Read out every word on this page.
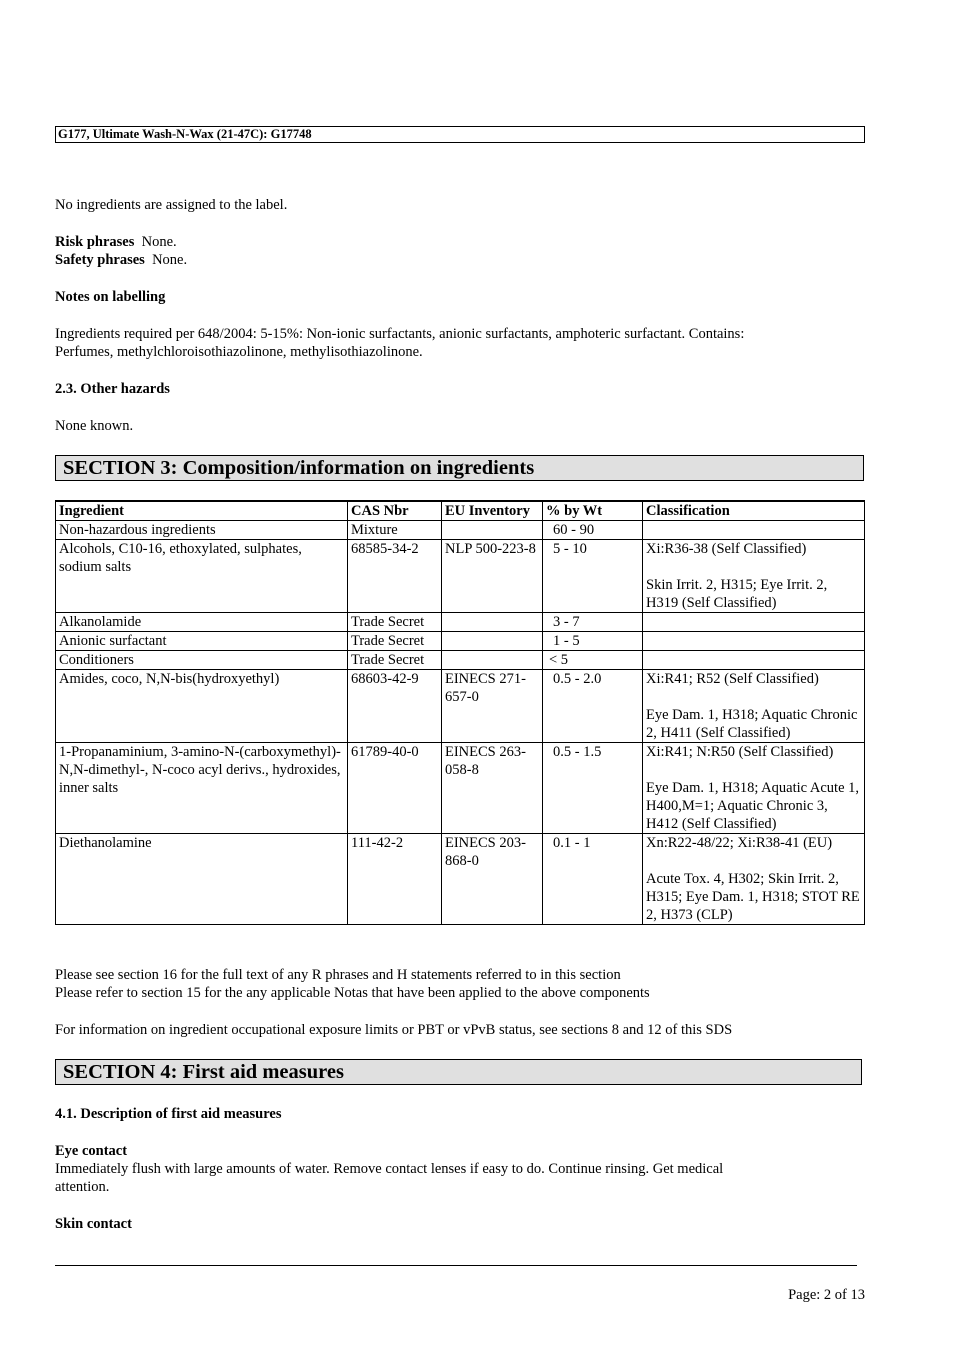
G177, Ultimate Wash-N-Wax (21-47C): G17748
No ingredients are assigned to the label.
Risk phrases None.
Safety phrases None.
Notes on labelling
Ingredients required per 648/2004: 5-15%: Non-ionic surfactants, anionic surfactants, amphoteric surfactant. Contains:
Perfumes, methylchloroisothiazolinone, methylisothiazolinone.
2.3. Other hazards
None known.
SECTION 3: Composition/information on ingredients
Ingredient	CAS Nbr	EU Inventory	% by Wt	Classification
Non-hazardous ingredients	Mixture		60 - 90	
Alcohols, C10-16, ethoxylated, sulphates, sodium salts	68585-34-2	NLP 500-223-8	5 - 10	Xi:R36-38 (Self Classified)
Skin Irrit. 2, H315; Eye Irrit. 2, H319 (Self Classified)

Alkanolamide	Trade Secret		3 - 7	
Anionic surfactant	Trade Secret		1 - 5	
Conditioners	Trade Secret		< 5	
Amides, coco, N,N-bis(hydroxyethyl)	68603-42-9	EINECS 271-657-0	0.5 - 2.0	Xi:R41; R52 (Self Classified)
Eye Dam. 1, H318; Aquatic Chronic 2, H411 (Self Classified)

1-Propanaminium, 3-amino-N-(carboxymethyl)-N,N-dimethyl-, N-coco acyl derivs., hydroxides, inner salts	61789-40-0	EINECS 263-058-8	0.5 - 1.5	Xi:R41; N:R50 (Self Classified)
Eye Dam. 1, H318; Aquatic Acute 1, H400,M=1; Aquatic Chronic 3, H412 (Self Classified)

Diethanolamine	111-42-2	EINECS 203-868-0	0.1 - 1	Xn:R22-48/22; Xi:R38-41 (EU)
Acute Tox. 4, H302; Skin Irrit. 2, H315; Eye Dam. 1, H318; STOT RE 2, H373 (CLP)
Please see section 16 for the full text of any R phrases and H statements referred to in this section
Please refer to section 15 for the any applicable Notas that have been applied to the above components
For information on ingredient occupational exposure limits or PBT or vPvB status, see sections 8 and 12 of this SDS
SECTION 4: First aid measures
4.1. Description of first aid measures
Eye contact
Immediately flush with large amounts of water. Remove contact lenses if easy to do. Continue rinsing. Get medical
attention.
Skin contact
Page: 2 of 13
